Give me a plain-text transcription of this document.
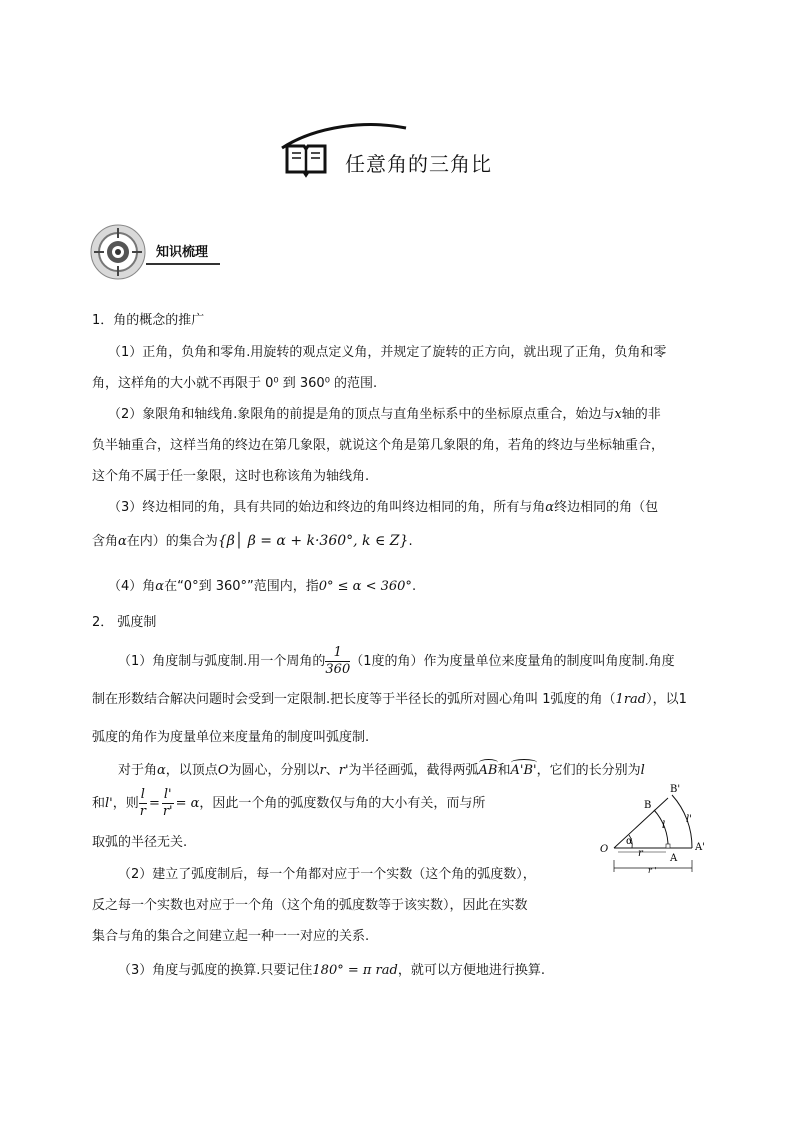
任意角的三角比
知识梳理
1．角的概念的推广
（1）正角，负角和零角.用旋转的观点定义角，并规定了旋转的正方向，就出现了正角，负角和零
角，这样角的大小就不再限于 0⁰ 到 360⁰ 的范围.
（2）象限角和轴线角.象限角的前提是角的顶点与直角坐标系中的坐标原点重合，始边与x轴的非
负半轴重合，这样当角的终边在第几象限，就说这个角是第几象限的角，若角的终边与坐标轴重合，
这个角不属于任一象限，这时也称该角为轴线角.
（3）终边相同的角，具有共同的始边和终边的角叫终边相同的角，所有与角α终边相同的角（包
含角α在内）的集合为{β│ β = α + k·360°, k ∈ Z}.
（4）角α在“0°到 360°”范围内，指0° ≤ α < 360°.
2． 弧度制
（1）角度制与弧度制.用一个周角的 $\frac{1}{360} (1$度的角）作为度量单位来度量角的制度叫角度制.角度
制在形数结合解决问题时会受到一定限制.把长度等于半径长的弧所对圆心角叫 1弧度的角（1rad），以1
弧度的角作为度量单位来度量角的制度叫弧度制.
对于角α，以顶点O为圆心，分别以r、r'为半径画弧，截得两弧AB和A'B'，它们的长分别为l
和l'，则 $\frac{l}{r} = \frac{l'}{r'} = \alpha$，因此一个角的弧度数仅与角的大小有关，而与所
取弧的半径无关.
（2）建立了弧度制后，每一个角都对应于一个实数（这个角的弧度数），
反之每一个实数也对应于一个角（这个角的弧度数等于该实数），因此在实数
集合与角的集合之间建立起一种一一对应的关系.
（3）角度与弧度的换算.只要记住180° = π rad，就可以方便地进行换算.
O
A
A'
B
B'
l
l'
α
r
r '
